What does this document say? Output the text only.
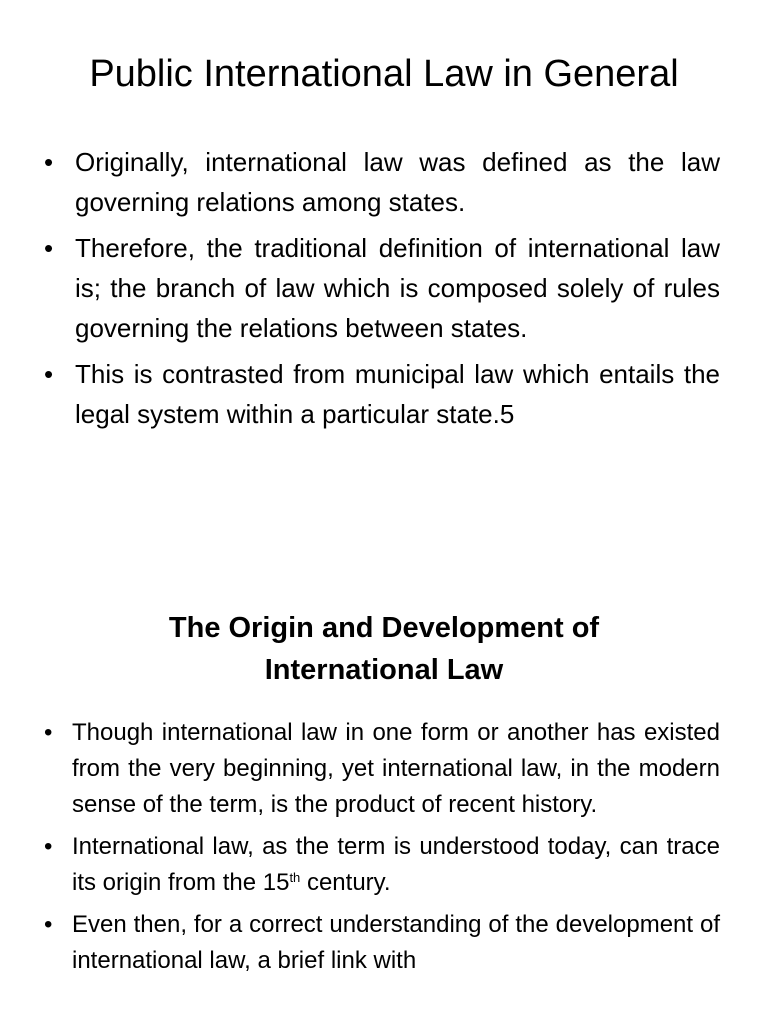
Public International Law in General
• Originally, international law was defined as the law governing relations among states.
• Therefore, the traditional definition of international law is; the branch of law which is composed solely of rules governing the relations between states.
• This is contrasted from municipal law which entails the legal system within a particular state.5
The Origin and Development of
International Law
• Though international law in one form or another has existed from the very beginning, yet international law, in the modern sense of the term, is the product of recent history.
• International law, as the term is understood today, can trace its origin from the 15th century.
• Even then, for a correct understanding of the development of international law, a brief link with
